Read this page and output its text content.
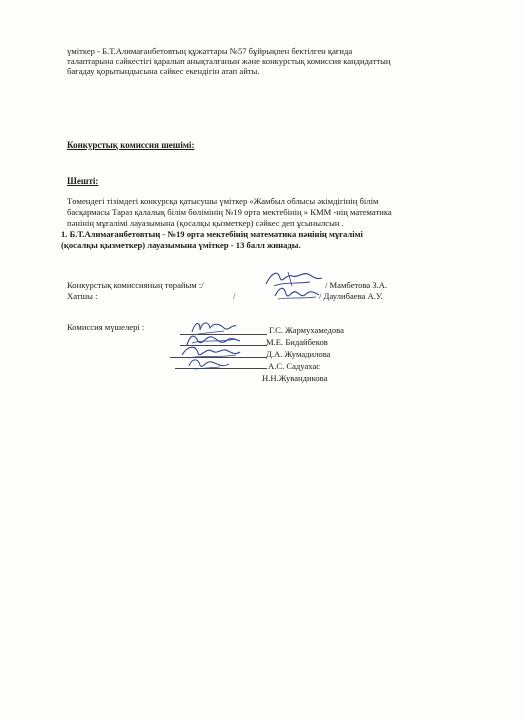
үміткер - Б.Т.Алимағанбетовтың құжаттары №57 бұйрықпен бектілген қағида
талаптарына сәйкестігі қаралып анықталғанын және конкурстық комиссия кандидаттың
бағадау қорытындысына сәйкес екендігін атап айты.
Конкурстық комиссия шешімі:
Шешті:
Төмендегі тізімдегі конкурсқа қатысушы үміткер «Жамбыл облысы әкімдігінің білім
басқармасы Тараз қалалық білім бөлімінің №19 орта мектебінің » КММ -нің математика
пәнінің мұғалімі лауазымына (қосалқы қызметкер) сәйкес деп ұсынылсын .
1. Б.Т.Алимағанбетовтың - №19 орта мектебінің математика пәнінің мұғалімі
(қосалқы қызметкер) лауазымына үміткер - 13 балл жинады.
Конкурстық комиссияның төрайым :/	/ Мамбетова З.А.
Хатшы :	/	/ Даулибаева А.У.
Комиссия мүшелері :	Г.С. Жармухамедова
М.Е. Бидайбеков
Д.А. Жумадилова
А.С. Садуахас
Н.Н.Жувандикова
